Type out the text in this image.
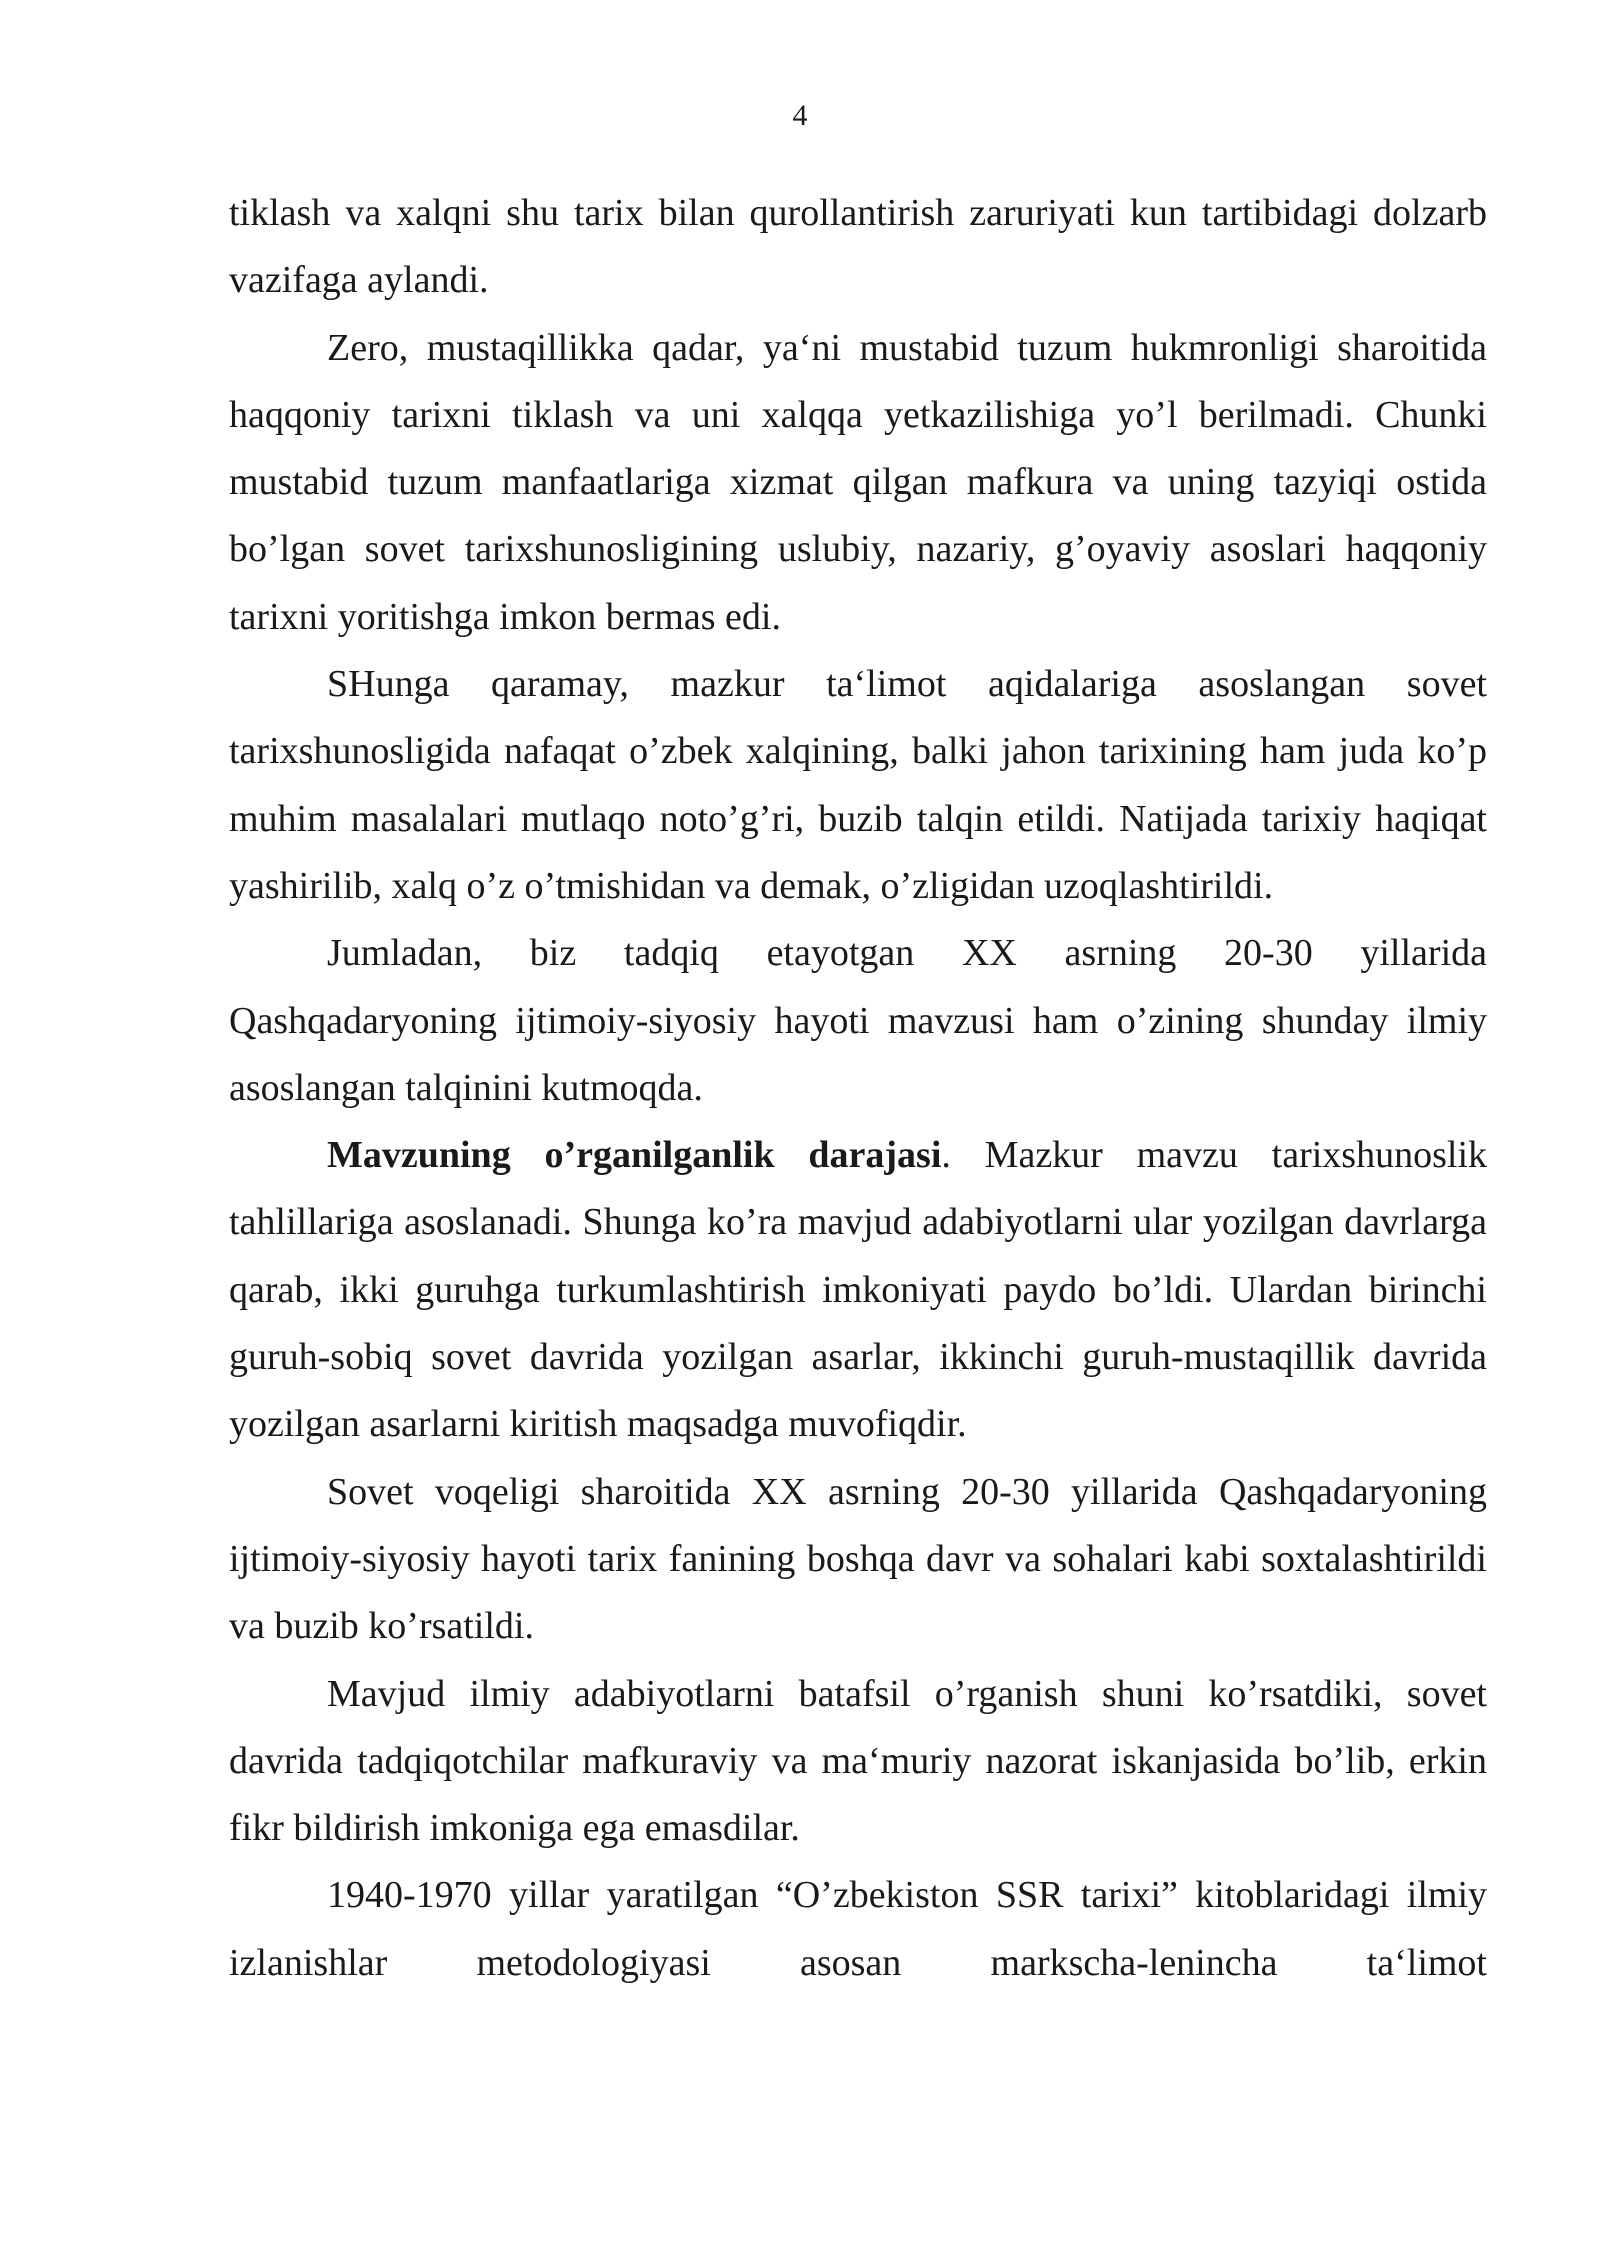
4

tiklash va xalqni shu tarix bilan qurollantirish zaruriyati kun tartibidagi dolzarb vazifaga aylandi.

Zero, mustaqillikka qadar, ya‘ni mustabid tuzum hukmronligi sharoitida haqqoniy tarixni tiklash va uni xalqqa yetkazilishiga yo’l berilmadi. Chunki mustabid tuzum manfaatlariga xizmat qilgan mafkura va uning tazyiqi ostida bo’lgan sovet tarixshunosligining uslubiy, nazariy, g’oyaviy asoslari haqqoniy tarixni yoritishga imkon bermas edi.

SHunga qaramay, mazkur ta‘limot aqidalariga asoslangan sovet tarixshunosligida nafaqat o’zbek xalqining, balki jahon tarixining ham juda ko’p muhim masalalari mutlaqo noto’g’ri, buzib talqin etildi. Natijada tarixiy haqiqat yashirilib, xalq o’z o’tmishidan va demak, o’zligidan uzoqlashtirildi.

Jumladan, biz tadqiq etayotgan XX asrning 20-30 yillarida Qashqadaryoning ijtimoiy-siyosiy hayoti mavzusi ham o’zining shunday ilmiy asoslangan talqinini kutmoqda.

Mavzuning o’rganilganlik darajasi. Mazkur mavzu tarixshunoslik tahlillariga asoslanadi. Shunga ko’ra mavjud adabiyotlarni ular yozilgan davrlarga qarab, ikki guruhga turkumlashtirish imkoniyati paydo bo’ldi. Ulardan birinchi guruh-sobiq sovet davrida yozilgan asarlar, ikkinchi guruh-mustaqillik davrida yozilgan asarlarni kiritish maqsadga muvofiqdir.

Sovet voqeligi sharoitida XX asrning 20-30 yillarida Qashqadaryoning ijtimoiy-siyosiy hayoti tarix fanining boshqa davr va sohalari kabi soxtalashtirildi va buzib ko’rsatildi.

Mavjud ilmiy adabiyotlarni batafsil o’rganish shuni ko’rsatdiki, sovet davrida tadqiqotchilar mafkuraviy va ma‘muriy nazorat iskanjasida bo’lib, erkin fikr bildirish imkoniga ega emasdilar.

1940-1970 yillar yaratilgan “O’zbekiston SSR tarixi” kitoblaridagi ilmiy izlanishlar metodologiyasi asosan markscha-lenincha ta‘limot
